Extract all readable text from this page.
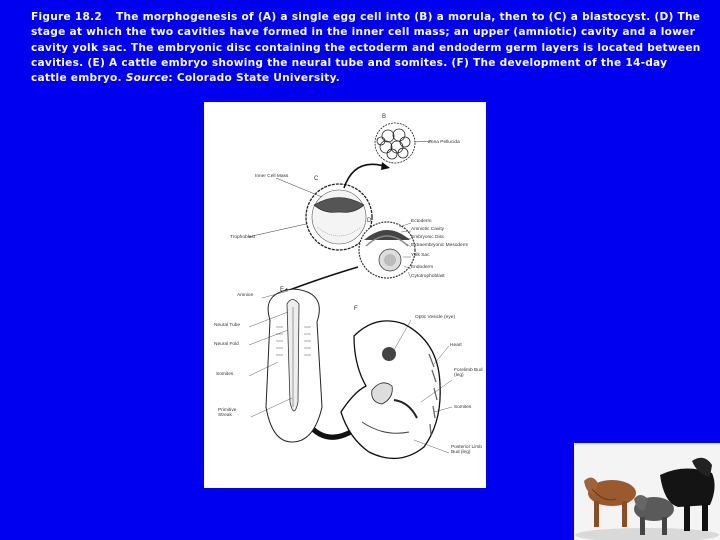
Figure 18.2 The morphogenesis of (A) a single egg cell into (B) a morula, then to (C) a blastocyst. (D) The stage at which the two cavities have formed in the inner cell mass; an upper (amniotic) cavity and a lower cavity yolk sac. The embryonic disc containing the ectoderm and endoderm germ layers is located between cavities. (E) A cattle embryo showing the neural tube and somites. (F) The development of the 14-day cattle embryo. Source: Colorado State University.
B
C
D
E
F
Zona Pellucida
Inner Cell Mass
Trophoblast
Ectoderm
Amniotic Cavity
Embryonic Disc
Extraembryonic Mesoderm
Yolk Sac
Endoderm
Cytotrophoblast
Amnion
Neural Tube
Neural Fold
Somites
Primitive Streak
Optic Vesicle (eye)
Heart
Forelimb Bud (leg)
Somites
Posterior Limb Bud (leg)
